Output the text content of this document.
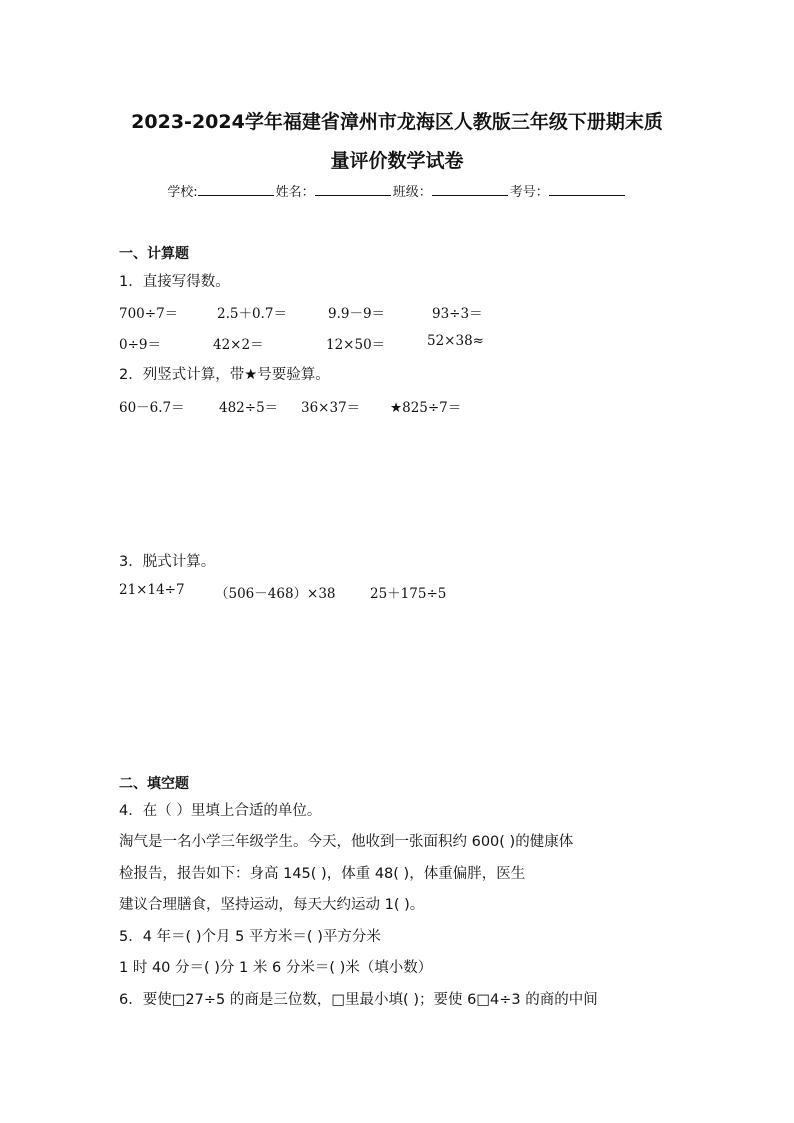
2023-2024学年福建省漳州市龙海区人教版三年级下册期末质
量评价数学试卷
学校:	姓名：	班级：	考号：
一、计算题
1．直接写得数。
700÷7＝	2.5＋0.7＝	9.9－9＝	93÷3＝
0÷9＝	42×2＝	12×50＝	52×38≈
2．列竖式计算，带★号要验算。
60－6.7＝	482÷5＝ 36×37＝ ★825÷7＝
3．脱式计算。
21×14÷7 （506－468）×38	25＋175÷5
二、填空题
4．在（ ）里填上合适的单位。
淘气是一名小学三年级学生。今天，他收到一张面积约 600( )的健康体
检报告，报告如下：身高 145( )，体重 48( )，体重偏胖，医生
建议合理膳食，坚持运动，每天大约运动 1( )。
5．4 年＝( )个月 5 平方米＝( )平方分米
1 时 40 分＝( )分 1 米 6 分米＝( )米（填小数）
6．要使□27÷5 的商是三位数，□里最小填( )；要使 6□4÷3 的商的中间
